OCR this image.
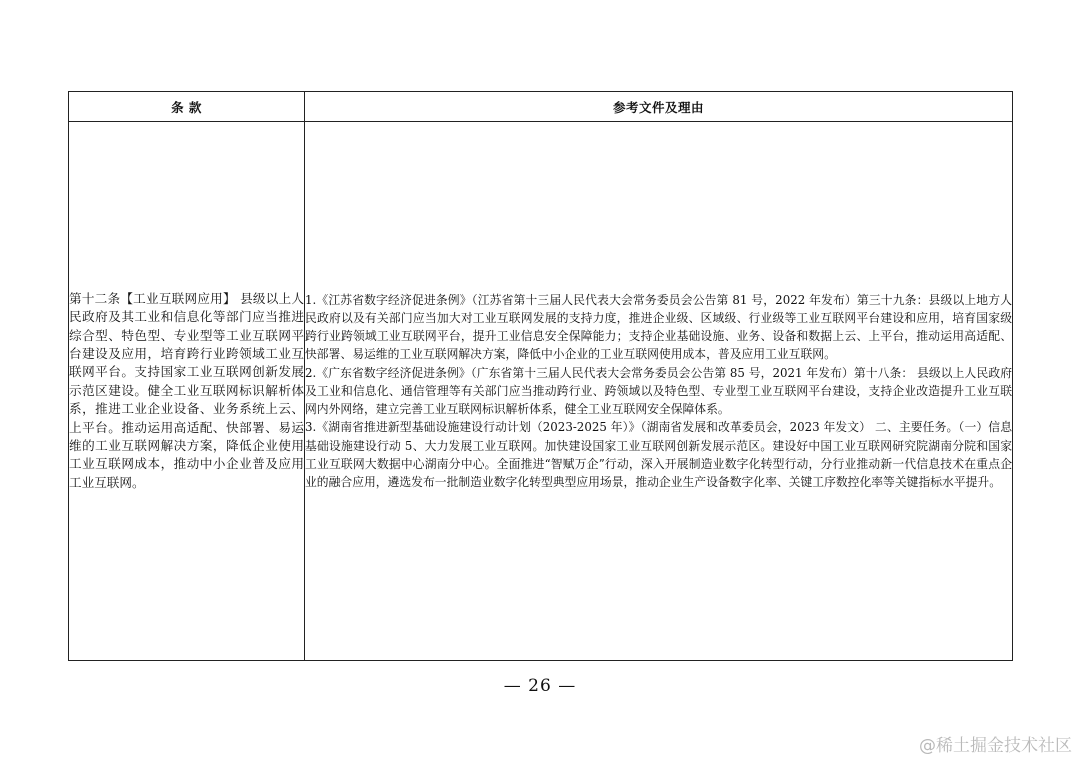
条 款	参考文件及理由
第十二条【工业互联网应用】 县级以上人民政府及其工业和信息化等部门应当推进综合型、特色型、专业型等工业互联网平台建设及应用，培育跨行业跨领域工业互联网平台。支持国家工业互联网创新发展示范区建设。健全工业互联网标识解析体系，推进工业企业设备、业务系统上云、上平台。推动运用高适配、快部署、易运维的工业互联网解决方案，降低企业使用工业互联网成本，推动中小企业普及应用工业互联网。	1.《江苏省数字经济促进条例》（江苏省第十三届人民代表大会常务委员会公告第 81 号，2022 年发布）第三十九条：县级以上地方人民政府以及有关部门应当加大对工业互联网发展的支持力度，推进企业级、区域级、行业级等工业互联网平台建设和应用，培育国家级跨行业跨领域工业互联网平台，提升工业信息安全保障能力；支持企业基础设施、业务、设备和数据上云、上平台，推动运用高适配、快部署、易运维的工业互联网解决方案，降低中小企业的工业互联网使用成本，普及应用工业互联网。
2.《广东省数字经济促进条例》（广东省第十三届人民代表大会常务委员会公告第 85 号，2021 年发布）第十八条： 县级以上人民政府及工业和信息化、通信管理等有关部门应当推动跨行业、跨领域以及特色型、专业型工业互联网平台建设，支持企业改造提升工业互联网内外网络，建立完善工业互联网标识解析体系，健全工业互联网安全保障体系。
3.《湖南省推进新型基础设施建设行动计划（2023-2025 年）》（湖南省发展和改革委员会，2023 年发文） 二、主要任务。（一）信息基础设施建设行动 5、大力发展工业互联网。加快建设国家工业互联网创新发展示范区。建设好中国工业互联网研究院湖南分院和国家工业互联网大数据中心湖南分中心。全面推进“智赋万企”行动，深入开展制造业数字化转型行动，分行业推动新一代信息技术在重点企业的融合应用，遴选发布一批制造业数字化转型典型应用场景，推动企业生产设备数字化率、关键工序数控化率等关键指标水平提升。
— 26 —
@稀土掘金技术社区
